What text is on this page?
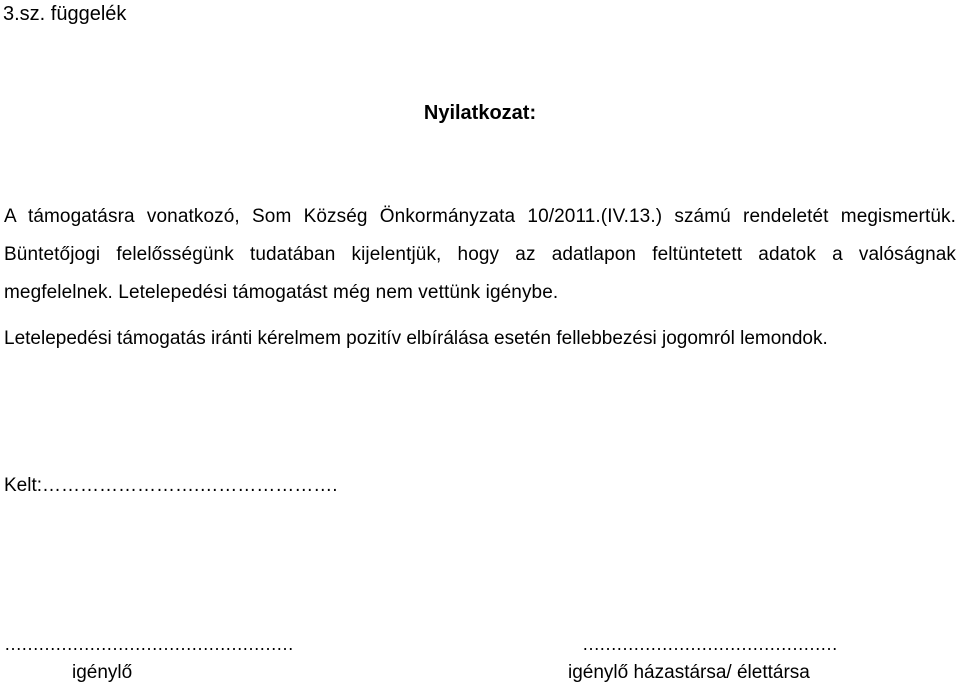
3.sz. függelék
Nyilatkozat:

A támogatásra vonatkozó, Som Község Önkormányzata 10/2011.(IV.13.) számú rendeletét megismertük.
Büntetőjogi felelősségünk tudatában kijelentjük, hogy az adatlapon feltüntetett adatok a valóságnak
megfelelnek. Letelepedési támogatást még nem vettünk igénybe.

Letelepedési támogatás iránti kérelmem pozitív elbírálása esetén fellebbezési jogomról lemondok.

Kelt:…………………….………………….
……………………………………………
igénylő
………………………………………
igénylő házastársa/ élettársa
